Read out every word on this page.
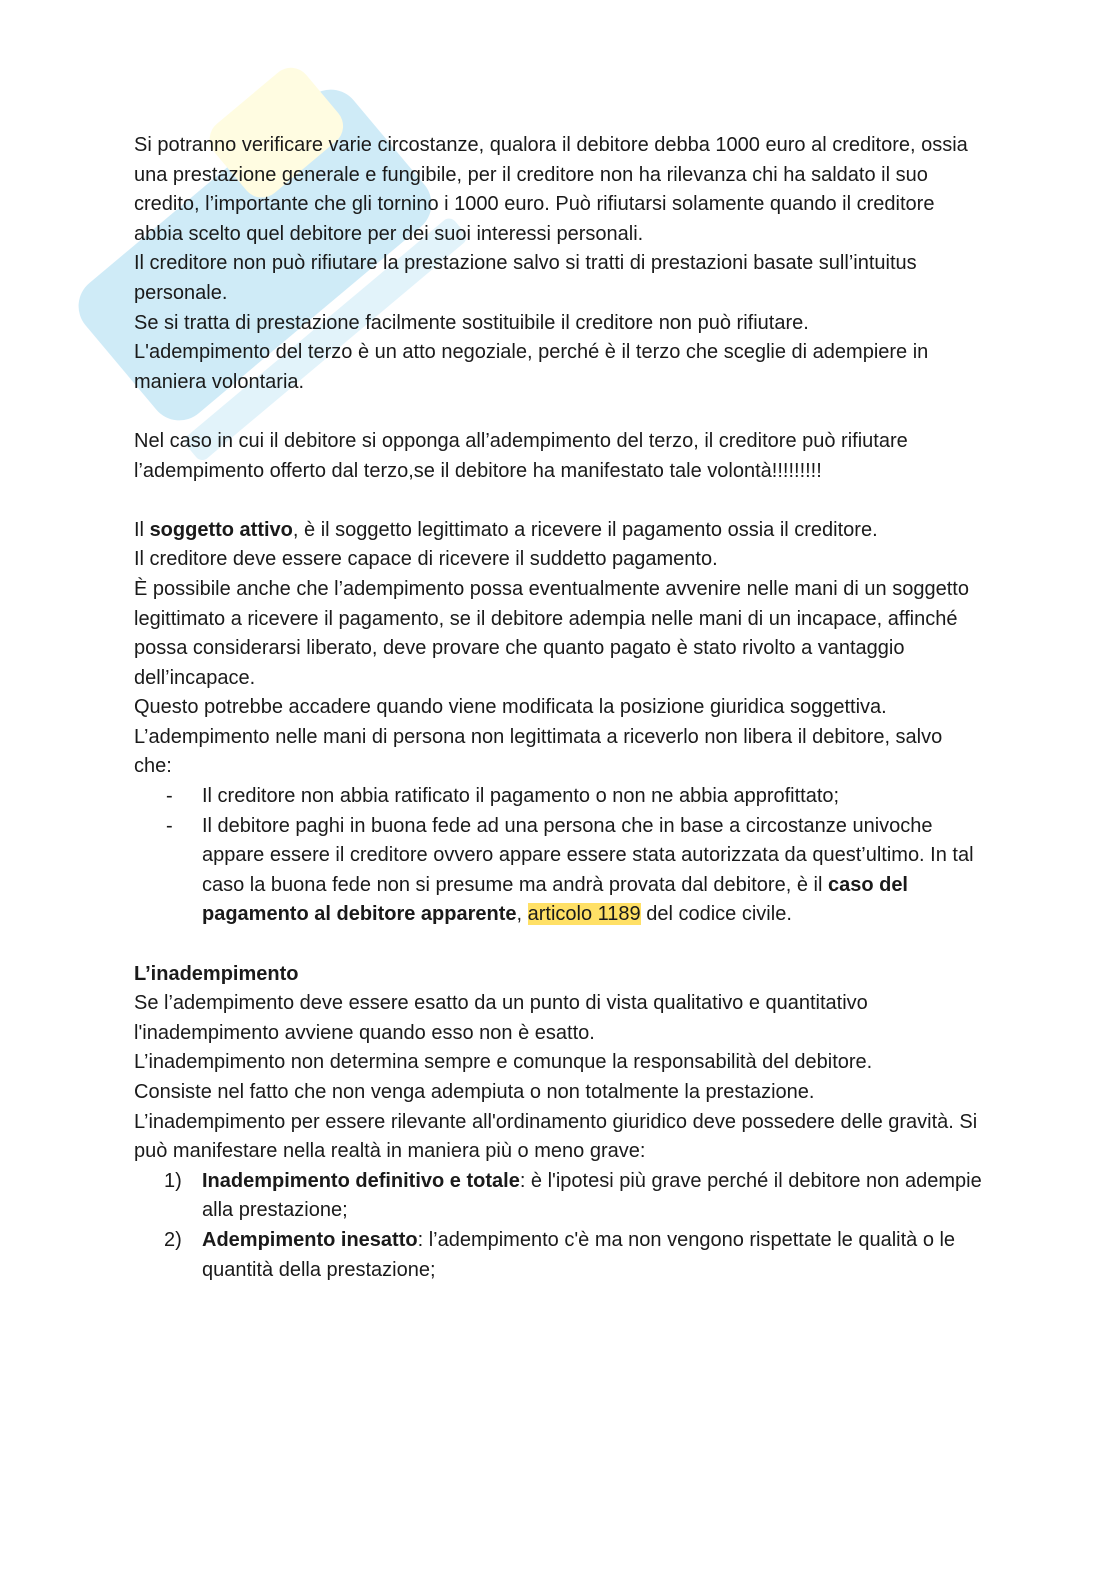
Si potranno verificare varie circostanze, qualora il debitore debba 1000 euro al creditore, ossia una prestazione generale e fungibile, per il creditore non ha rilevanza chi ha saldato il suo credito, l’importante che gli tornino i 1000 euro. Può rifiutarsi solamente quando il creditore abbia scelto quel debitore per dei suoi interessi personali.

Il creditore non può rifiutare la prestazione salvo si tratti di prestazioni basate sull’intuitus personale.

Se si tratta di prestazione facilmente sostituibile il creditore non può rifiutare.

L'adempimento del terzo è un atto negoziale, perché è il terzo che sceglie di adempiere in maniera volontaria.

Nel caso in cui il debitore si opponga all’adempimento del terzo, il creditore può rifiutare l’adempimento offerto dal terzo,se il debitore ha manifestato tale volontà!!!!!!!!!

Il soggetto attivo, è il soggetto legittimato a ricevere il pagamento ossia il creditore.

Il creditore deve essere capace di ricevere il suddetto pagamento.

È possibile anche che l’adempimento possa eventualmente avvenire nelle mani di un soggetto legittimato a ricevere il pagamento, se il debitore adempia nelle mani di un incapace, affinché possa considerarsi liberato, deve provare che quanto pagato è stato rivolto a vantaggio dell’incapace.

Questo potrebbe accadere quando viene modificata la posizione giuridica soggettiva.

L’adempimento nelle mani di persona non legittimata a riceverlo non libera il debitore, salvo che:

- Il creditore non abbia ratificato il pagamento o non ne abbia approfittato;
- Il debitore paghi in buona fede ad una persona che in base a circostanze univoche appare essere il creditore ovvero appare essere stata autorizzata da quest’ultimo. In tal caso la buona fede non si presume ma andrà provata dal debitore, è il caso del pagamento al debitore apparente, articolo 1189 del codice civile.

L’inadempimento

Se l’adempimento deve essere esatto da un punto di vista qualitativo e quantitativo l'inadempimento avviene quando esso non è esatto.

L’inadempimento non determina sempre e comunque la responsabilità del debitore.

Consiste nel fatto che non venga adempiuta o non totalmente la prestazione.

L’inadempimento per essere rilevante all'ordinamento giuridico deve possedere delle gravità. Si può manifestare nella realtà in maniera più o meno grave:

1) Inadempimento definitivo e totale: è l'ipotesi più grave perché il debitore non adempie alla prestazione;
2) Adempimento inesatto: l’adempimento c'è ma non vengono rispettate le qualità o le quantità della prestazione;
